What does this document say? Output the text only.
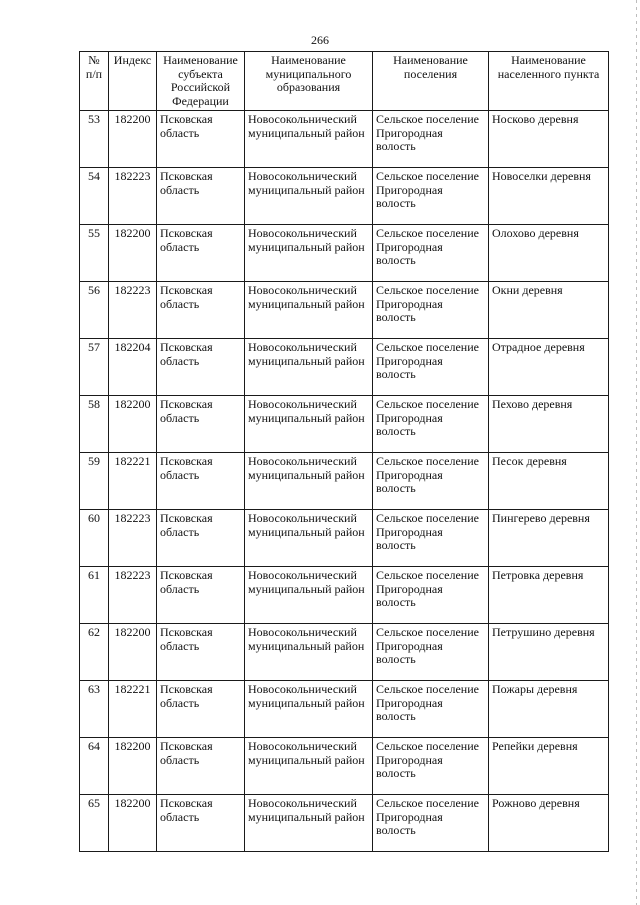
266
№ п/п	Индекс	Наименование субъекта Российской Федерации	Наименование муниципального образования	Наименование поселения	Наименование населенного пункта
53	182200	Псковская область	Новосокольнический муниципальный район	Сельское поселение Пригородная волость	Носково деревня
54	182223	Псковская область	Новосокольнический муниципальный район	Сельское поселение Пригородная волость	Новоселки деревня
55	182200	Псковская область	Новосокольнический муниципальный район	Сельское поселение Пригородная волость	Олохово деревня
56	182223	Псковская область	Новосокольнический муниципальный район	Сельское поселение Пригородная волость	Окни деревня
57	182204	Псковская область	Новосокольнический муниципальный район	Сельское поселение Пригородная волость	Отрадное деревня
58	182200	Псковская область	Новосокольнический муниципальный район	Сельское поселение Пригородная волость	Пехово деревня
59	182221	Псковская область	Новосокольнический муниципальный район	Сельское поселение Пригородная волость	Песок деревня
60	182223	Псковская область	Новосокольнический муниципальный район	Сельское поселение Пригородная волость	Пингерево деревня
61	182223	Псковская область	Новосокольнический муниципальный район	Сельское поселение Пригородная волость	Петровка деревня
62	182200	Псковская область	Новосокольнический мунициnальный район	Сельское поселение Пригородная волость	Петрушино деревня
63	182221	Псковская область	Новосокольнический муниципальный район	Сельское поселение Пригородная волость	Пожары деревня
64	182200	Псковская область	Новосокольнический муниципальный район	Сельское поселение Пригородная волость	Репейки деревня
65	182200	Псковская область	Новосокольнический муниципальный район	Сельское поселение Пригородная волость	Рожново деревня
